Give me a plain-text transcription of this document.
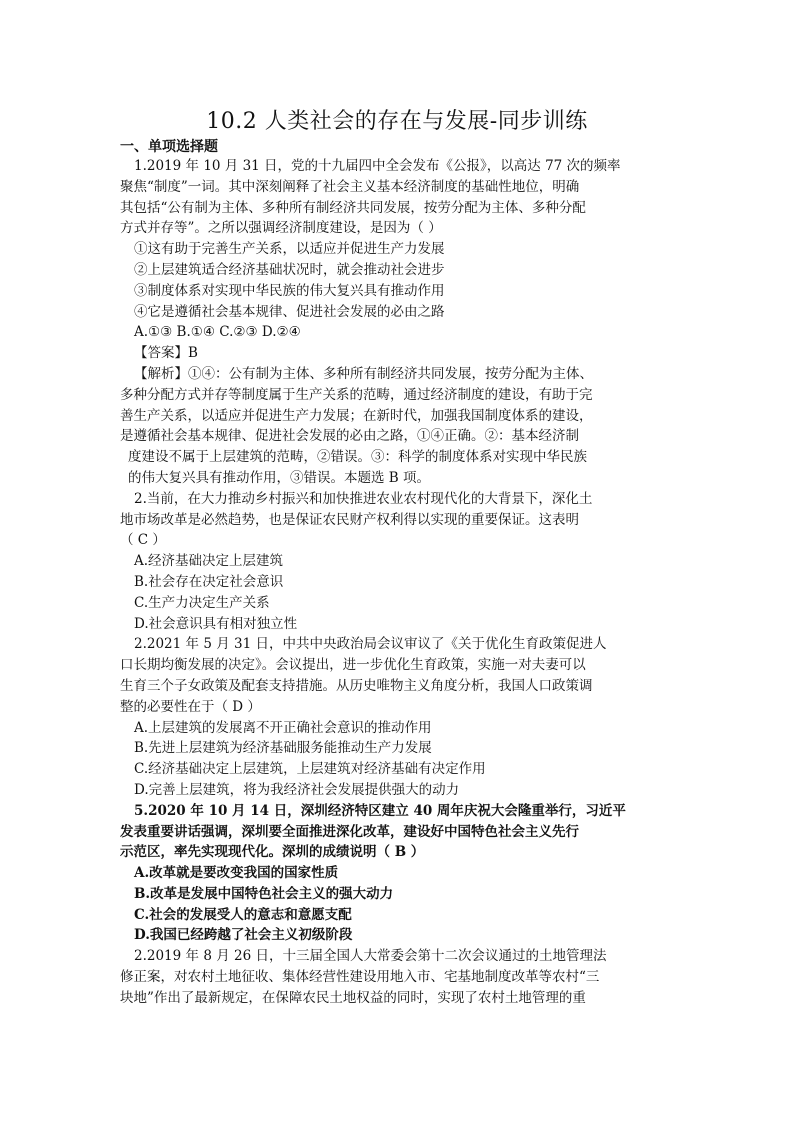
10.2 人类社会的存在与发展-同步训练
一、单项选择题

1.2019 年 10 月 31 日，党的十九届四中全会发布《公报》，以高达 77 次的频率

聚焦“制度”一词。其中深刻阐释了社会主义基本经济制度的基础性地位，明确

其包括“公有制为主体、多种所有制经济共同发展，按劳分配为主体、多种分配

方式并存等”。之所以强调经济制度建设，是因为（ ）

①这有助于完善生产关系，以适应并促进生产力发展

②上层建筑适合经济基础状况时，就会推动社会进步

③制度体系对实现中华民族的伟大复兴具有推动作用

④它是遵循社会基本规律、促进社会发展的必由之路

A.①③ B.①④ C.②③ D.②④

【答案】B

【解析】①④：公有制为主体、多种所有制经济共同发展，按劳分配为主体、

多种分配方式并存等制度属于生产关系的范畴，通过经济制度的建设，有助于完

善生产关系，以适应并促进生产力发展；在新时代，加强我国制度体系的建设，

是遵循社会基本规律、促进社会发展的必由之路，①④正确。②：基本经济制

度建设不属于上层建筑的范畴，②错误。③：科学的制度体系对实现中华民族

的伟大复兴具有推动作用，③错误。本题选 B 项。

2.当前，在大力推动乡村振兴和加快推进农业农村现代化的大背景下，深化土

地市场改革是必然趋势，也是保证农民财产权利得以实现的重要保证。这表明

（ C ）

A.经济基础决定上层建筑

B.社会存在决定社会意识

C.生产力决定生产关系

D.社会意识具有相对独立性

2.2021 年 5 月 31 日，中共中央政治局会议审议了《关于优化生育政策促进人

口长期均衡发展的决定》。会议提出，进一步优化生育政策，实施一对夫妻可以

生育三个子女政策及配套支持措施。从历史唯物主义角度分析，我国人口政策调

整的必要性在于（ D ）

A.上层建筑的发展离不开正确社会意识的推动作用

B.先进上层建筑为经济基础服务能推动生产力发展

C.经济基础决定上层建筑，上层建筑对经济基础有决定作用

D.完善上层建筑，将为我经济社会发展提供强大的动力

5.2020 年 10 月 14 日，深圳经济特区建立 40 周年庆祝大会隆重举行，习近平

发表重要讲话强调，深圳要全面推进深化改革，建设好中国特色社会主义先行

示范区，率先实现现代化。深圳的成绩说明（ B ）

A.改革就是要改变我国的国家性质

B.改革是发展中国特色社会主义的强大动力

C.社会的发展受人的意志和意愿支配

D.我国已经跨越了社会主义初级阶段

2.2019 年 8 月 26 日，十三届全国人大常委会第十二次会议通过的土地管理法

修正案，对农村土地征收、集体经营性建设用地入市、宅基地制度改革等农村“三

块地”作出了最新规定，在保障农民土地权益的同时，实现了农村土地管理的重
